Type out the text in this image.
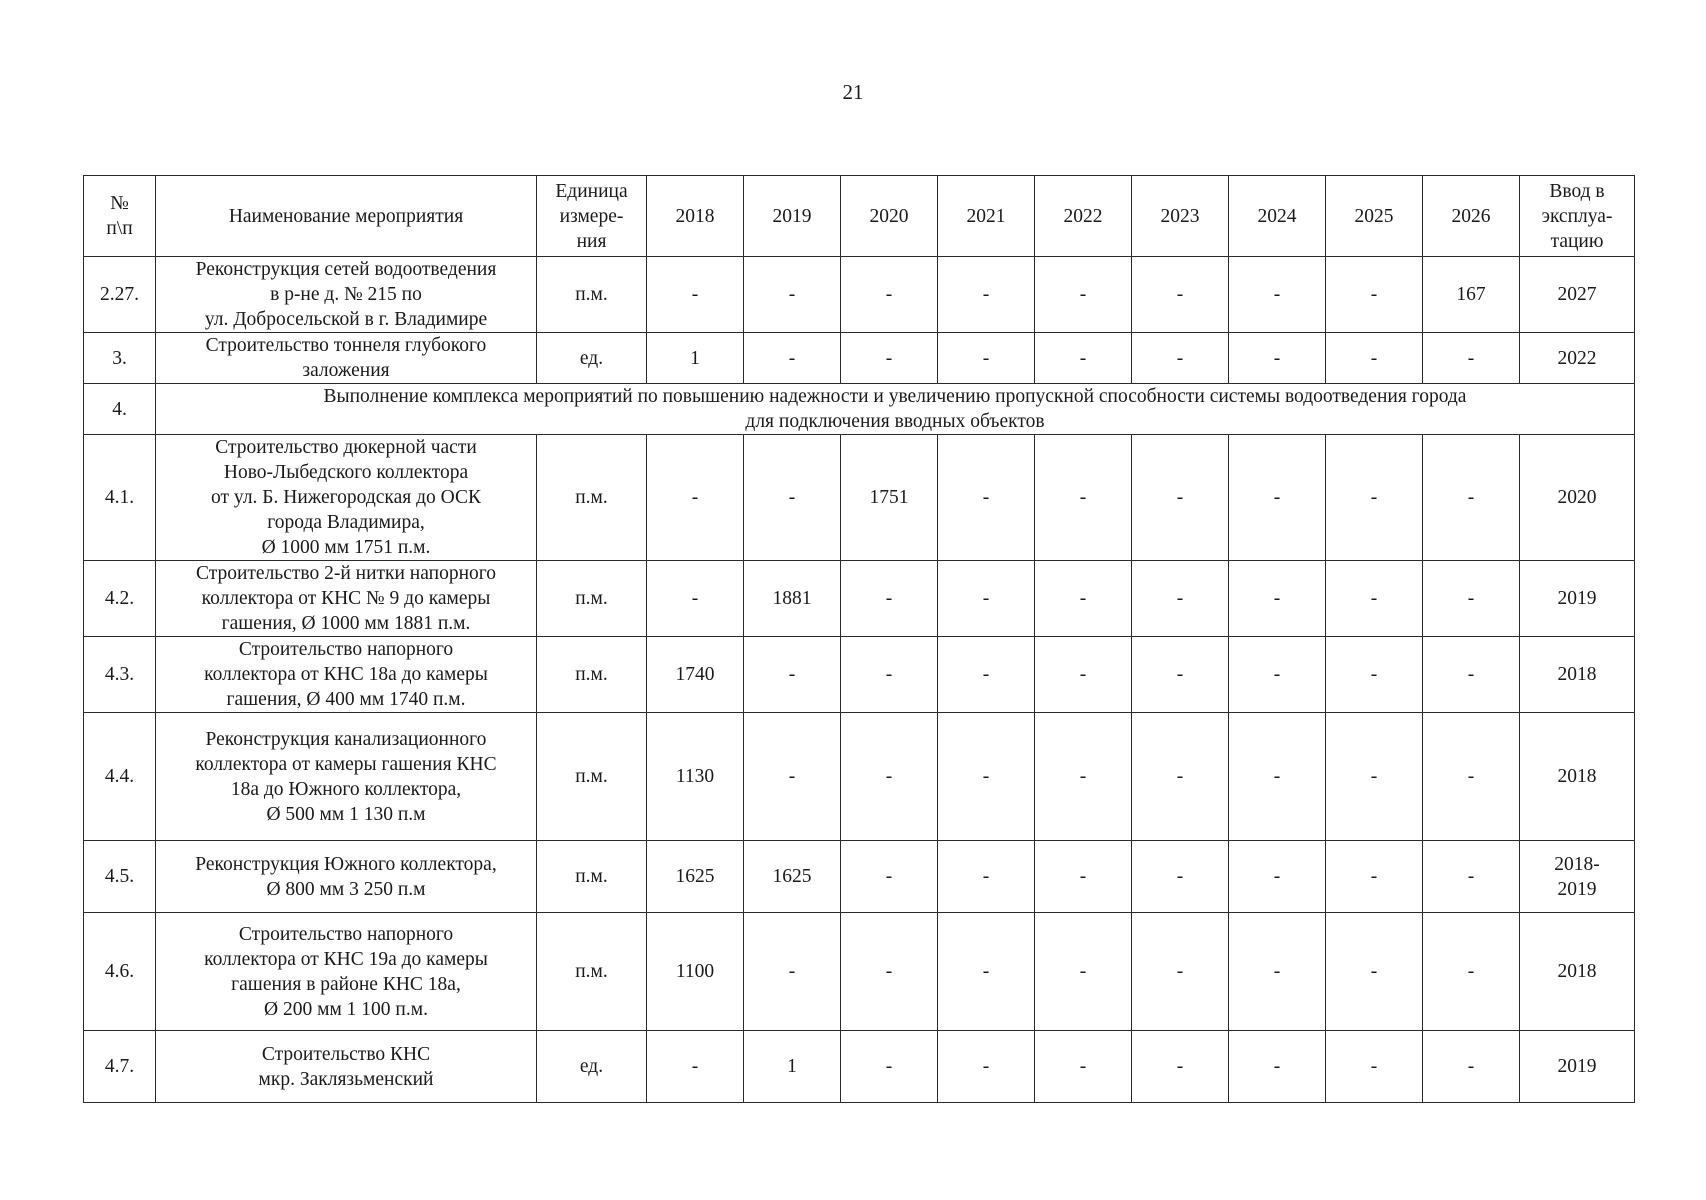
21
№
п\п	Наименование мероприятия	Единица
измере-
ния	2018	2019	2020	2021	2022	2023	2024	2025	2026	Ввод в
эксплуа-
тацию
2.27.	Реконструкция сетей водоотведения
в р-не д. № 215 по
ул. Добросельской в г. Владимире	п.м.	-	-	-	-	-	-	-	-	167	2027
3.	Строительство тоннеля глубокого
заложения	ед.	1	-	-	-	-	-	-	-	-	2022
4.	Выполнение комплекса мероприятий по повышению надежности и увеличению пропускной способности системы водоотведения города
для подключения вводных объектов											
4.1.	Строительство дюкерной части
Ново-Лыбедского коллектора
от ул. Б. Нижегородская до ОСК
города Владимира,
Ø 1000 мм 1751 п.м.	п.м.	-	-	1751	-	-	-	-	-	-	2020
4.2.	Строительство 2-й нитки напорного
коллектора от КНС № 9 до камеры
гашения, Ø 1000 мм 1881 п.м.	п.м.	-	1881	-	-	-	-	-	-	-	2019
4.3.	Строительство напорного
коллектора от КНС 18а до камеры
гашения, Ø 400 мм 1740 п.м.	п.м.	1740	-	-	-	-	-	-	-	-	2018
4.4.	Реконструкция канализационного
коллектора от камеры гашения КНС
18а до Южного коллектора,
Ø 500 мм 1 130 п.м	п.м.	1130	-	-	-	-	-	-	-	-	2018
4.5.	Реконструкция Южного коллектора,
Ø 800 мм 3 250 п.м	п.м.	1625	1625	-	-	-	-	-	-	-	2018-
2019
4.6.	Строительство напорного
коллектора от КНС 19а до камеры
гашения в районе КНС 18а,
Ø 200 мм 1 100 п.м.	п.м.	1100	-	-	-	-	-	-	-	-	2018
4.7.	Строительство КНС
мкр. Заклязьменский	ед.	-	1	-	-	-	-	-	-	-	2019
